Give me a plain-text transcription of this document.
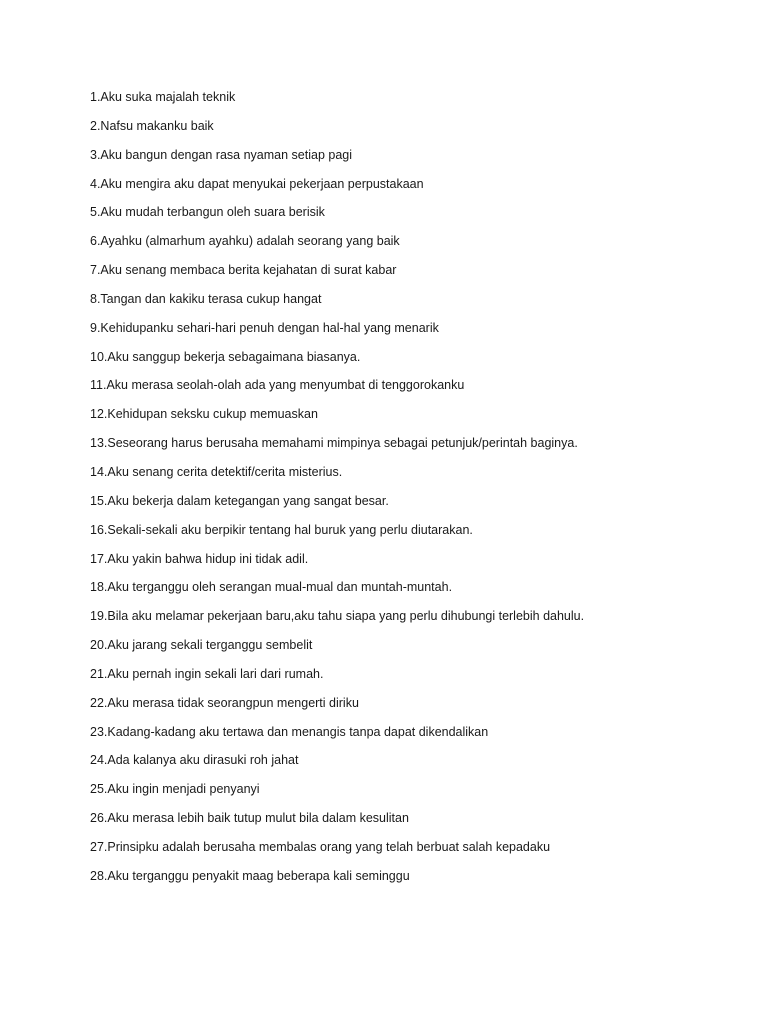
1.Aku suka majalah teknik
2.Nafsu makanku baik
3.Aku bangun dengan rasa nyaman setiap pagi
4.Aku mengira aku dapat menyukai pekerjaan perpustakaan
5.Aku mudah terbangun oleh suara berisik
6.Ayahku (almarhum ayahku) adalah seorang yang baik
7.Aku senang membaca berita kejahatan di surat kabar
8.Tangan dan kakiku terasa cukup hangat
9.Kehidupanku sehari-hari penuh dengan hal-hal yang menarik
10.Aku sanggup bekerja sebagaimana biasanya.
11.Aku merasa seolah-olah ada yang menyumbat di tenggorokanku
12.Kehidupan seksku cukup memuaskan
13.Seseorang harus berusaha memahami mimpinya sebagai petunjuk/perintah baginya.
14.Aku senang cerita detektif/cerita misterius.
15.Aku bekerja dalam ketegangan yang sangat besar.
16.Sekali-sekali aku berpikir tentang hal buruk yang perlu diutarakan.
17.Aku yakin bahwa hidup ini tidak adil.
18.Aku terganggu oleh serangan mual-mual dan muntah-muntah.
19.Bila aku melamar pekerjaan baru,aku tahu siapa yang perlu dihubungi terlebih dahulu.
20.Aku jarang sekali terganggu sembelit
21.Aku pernah ingin sekali lari dari rumah.
22.Aku merasa tidak seorangpun mengerti diriku
23.Kadang-kadang aku tertawa dan menangis tanpa dapat dikendalikan
24.Ada kalanya aku dirasuki roh jahat
25.Aku ingin menjadi penyanyi
26.Aku merasa lebih baik tutup mulut bila dalam kesulitan
27.Prinsipku adalah berusaha membalas orang yang telah berbuat salah kepadaku
28.Aku terganggu penyakit maag beberapa kali seminggu
